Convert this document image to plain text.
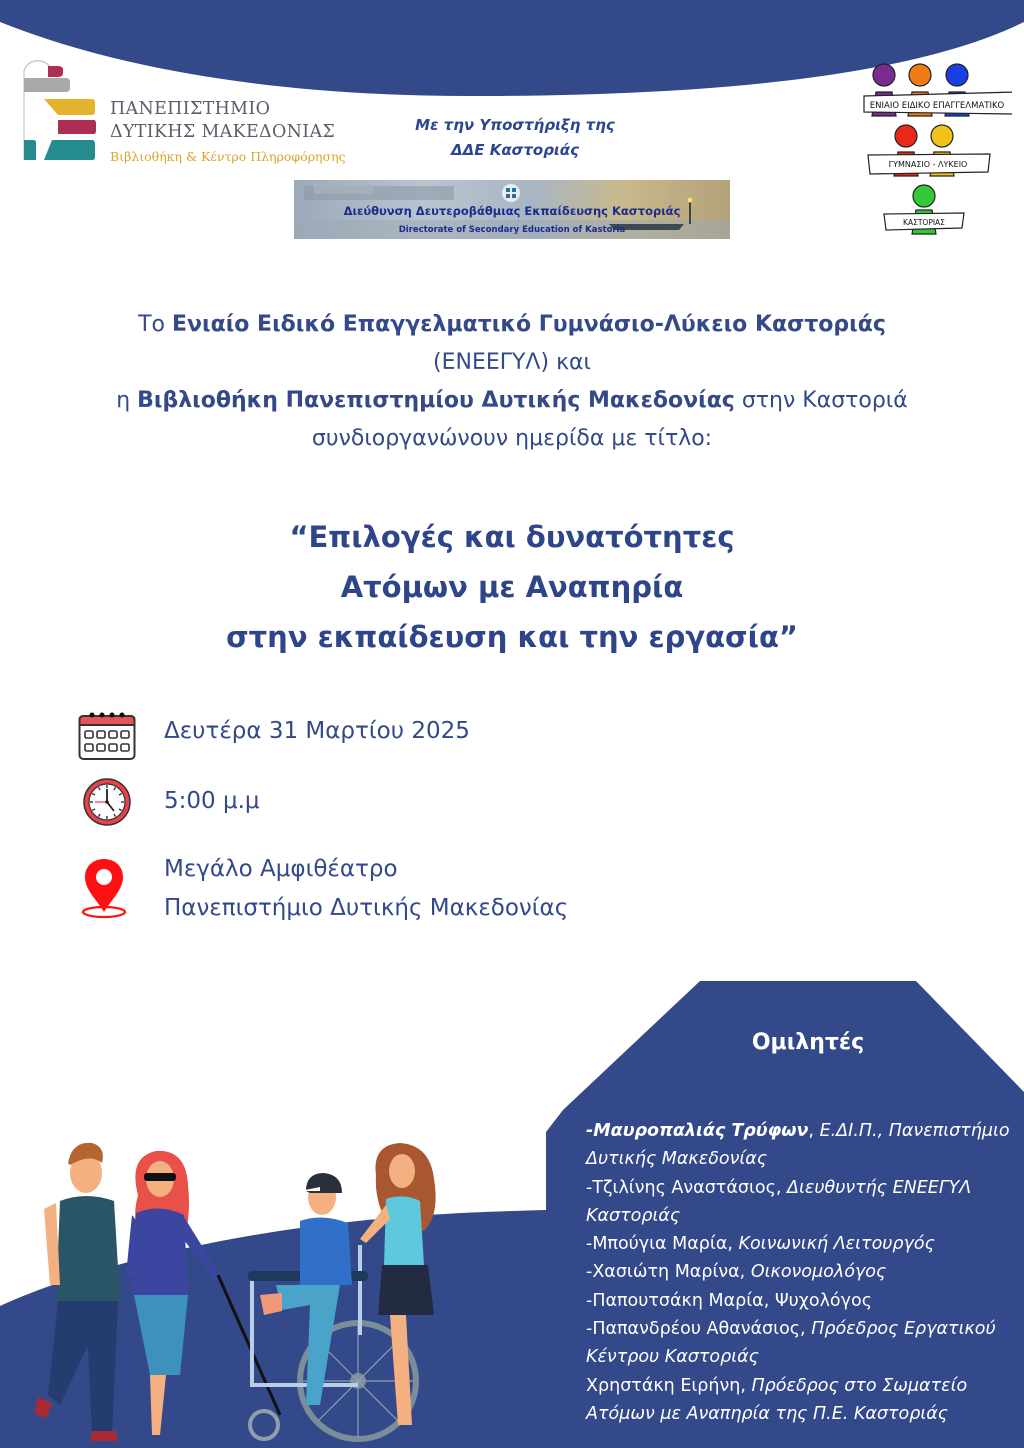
ΠΑΝΕΠΙΣΤΗΜΙΟ
ΔΥΤΙΚΗΣ ΜΑΚΕΔΟΝΙΑΣ
Βιβλιοθήκη & Κέντρο Πληροφόρησης
Με την Υποστήριξη της
ΔΔΕ Καστοριάς
Διεύθυνση Δευτεροβάθμιας Εκπαίδευσης Καστοριάς
Directorate of Secondary Education of Kastoria
ΕΝΙΑΙΟ ΕΙΔΙΚΟ ΕΠΑΓΓΕΛΜΑΤΙΚΟ
ΓΥΜΝΑΣΙΟ - ΛΥΚΕΙΟ
ΚΑΣΤΟΡΙΑΣ
Το Ενιαίο Ειδικό Επαγγελματικό Γυμνάσιο-Λύκειο Καστοριάς
(ΕΝΕΕΓΥΛ) και
η Βιβλιοθήκη Πανεπιστημίου Δυτικής Μακεδονίας στην Καστοριά
συνδιοργανώνουν ημερίδα με τίτλο:
“Επιλογές και δυνατότητες
Ατόμων με Αναπηρία
στην εκπαίδευση και την εργασία”
Δευτέρα 31 Μαρτίου 2025
5:00 μ.μ
Μεγάλο Αμφιθέατρο
Πανεπιστήμιο Δυτικής Μακεδονίας
Ομιλητές
-Μαυροπαλιάς Τρύφων, Ε.ΔΙ.Π., Πανεπιστήμιο Δυτικής Μακεδονίας
-Τζιλίνης Αναστάσιος, Διευθυντής ΕΝΕΕΓΥΛ Καστοριάς
-Μπούγια Μαρία, Κοινωνική Λειτουργός
-Χασιώτη Μαρίνα, Οικονομολόγος
-Παπουτσάκη Μαρία, Ψυχολόγος
-Παπανδρέου Αθανάσιος, Πρόεδρος Εργατικού Κέντρου Καστοριάς
Χρηστάκη Ειρήνη, Πρόεδρος στο Σωματείο Ατόμων με Αναπηρία της Π.Ε. Καστοριάς
